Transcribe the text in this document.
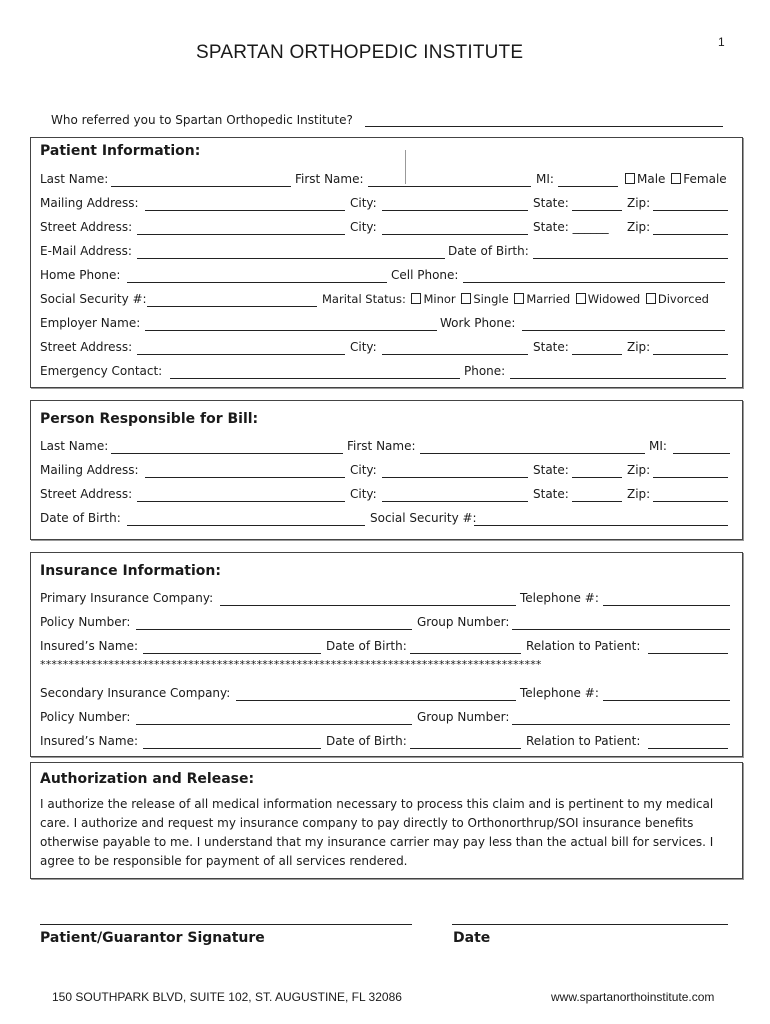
SPARTAN ORTHOPEDIC INSTITUTE	1
Who referred you to Spartan Orthopedic Institute?
Patient Information:
Last Name:	First Name:	MI:	Male Female
Mailing Address:	City:	State:	Zip:
Street Address:	City:	State: ______ Zip:
E-Mail Address:	Date of Birth:
Home Phone:	Cell Phone:
Social Security #:	Marital Status: Minor Single Married Widowed Divorced
Employer Name:	Work Phone:
Street Address:	City:	State:	Zip:
Emergency Contact:	Phone:
Person Responsible for Bill:
Last Name:	First Name:	MI:
Mailing Address:	City:	State:	Zip:
Street Address:	City:	State:	Zip:
Date of Birth:	Social Security #:
Insurance Information:
Primary Insurance Company:	Telephone #:
Policy Number:	Group Number:
Insured’s Name:	Date of Birth:	Relation to Patient:
****************************************************************************************
Secondary Insurance Company:	Telephone #:
Policy Number:	Group Number:
Insured’s Name:	Date of Birth:	Relation to Patient:
Authorization and Release:
I authorize the release of all medical information necessary to process this claim and is pertinent to my medical
care. I authorize and request my insurance company to pay directly to Orthonorthrup/SOI insurance benefits
otherwise payable to me. I understand that my insurance carrier may pay less than the actual bill for services. I
agree to be responsible for payment of all services rendered.
Patient/Guarantor Signature	Date
150 SOUTHPARK BLVD, SUITE 102, ST. AUGUSTINE, FL 32086	www.spartanorthoinstitute.com
